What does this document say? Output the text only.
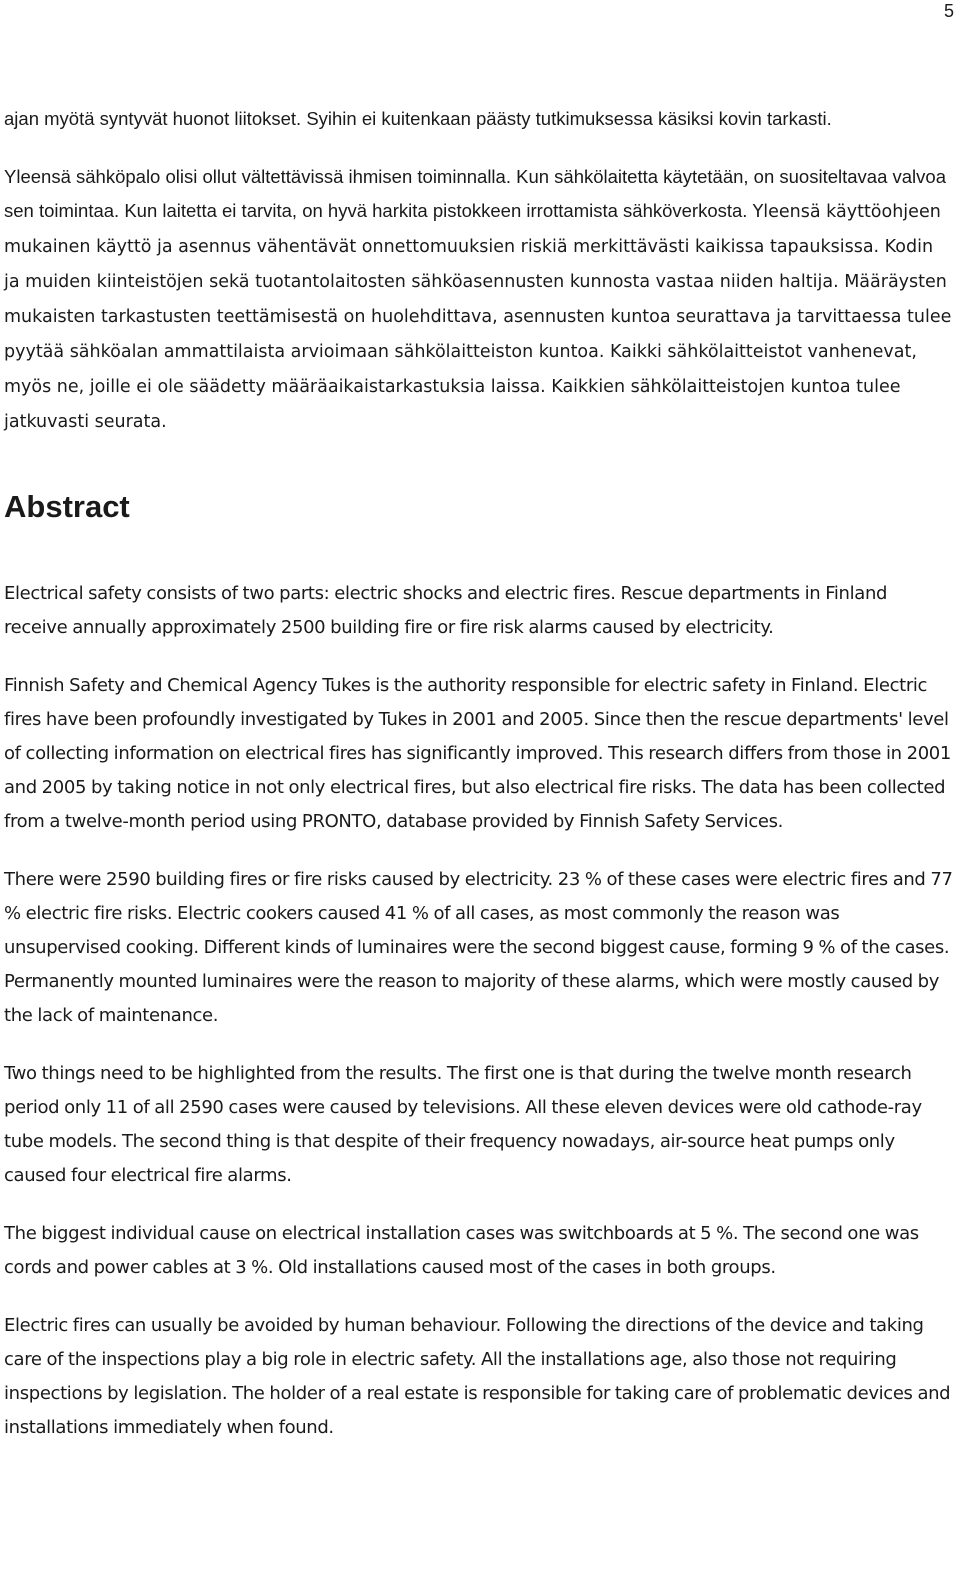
5

ajan myötä syntyvät huonot liitokset. Syihin ei kuitenkaan päästy tutkimuksessa käsiksi kovin tarkasti.

Yleensä sähköpalo olisi ollut vältettävissä ihmisen toiminnalla. Kun sähkölaitetta käytetään, on suositeltavaa valvoa sen toimintaa. Kun laitetta ei tarvita, on hyvä harkita pistokkeen irrottamista sähköverkosta. Yleensä käyttöohjeen mukainen käyttö ja asennus vähentävät onnettomuuksien riskiä merkittävästi kaikissa tapauksissa. Kodin ja muiden kiinteistöjen sekä tuotantolaitosten sähköasennusten kunnosta vastaa niiden haltija. Määräysten mukaisten tarkastusten teettämisestä on huolehdittava, asennusten kuntoa seurattava ja tarvittaessa tulee pyytää sähköalan ammattilaista arvioimaan sähkölaitteiston kuntoa. Kaikki sähkölaitteistot vanhenevat, myös ne, joille ei ole säädetty määräaikaistarkastuksia laissa. Kaikkien sähkölaitteistojen kuntoa tulee jatkuvasti seurata.

Abstract

Electrical safety consists of two parts: electric shocks and electric fires. Rescue departments in Finland receive annually approximately 2500 building fire or fire risk alarms caused by electricity.

Finnish Safety and Chemical Agency Tukes is the authority responsible for electric safety in Finland. Electric fires have been profoundly investigated by Tukes in 2001 and 2005. Since then the rescue departments' level of collecting information on electrical fires has significantly improved. This research differs from those in 2001 and 2005 by taking notice in not only electrical fires, but also electrical fire risks. The data has been collected from a twelve-month period using PRONTO, database provided by Finnish Safety Services.

There were 2590 building fires or fire risks caused by electricity. 23 % of these cases were electric fires and 77 % electric fire risks. Electric cookers caused 41 % of all cases, as most commonly the reason was unsupervised cooking. Different kinds of luminaires were the second biggest cause, forming 9 % of the cases. Permanently mounted luminaires were the reason to majority of these alarms, which were mostly caused by the lack of maintenance.

Two things need to be highlighted from the results. The first one is that during the twelve month research period only 11 of all 2590 cases were caused by televisions. All these eleven devices were old cathode-ray tube models. The second thing is that despite of their frequency nowadays, air-source heat pumps only caused four electrical fire alarms.

The biggest individual cause on electrical installation cases was switchboards at 5 %. The second one was cords and power cables at 3 %. Old installations caused most of the cases in both groups.

Electric fires can usually be avoided by human behaviour. Following the directions of the device and taking care of the inspections play a big role in electric safety. All the installations age, also those not requiring inspections by legislation. The holder of a real estate is responsible for taking care of problematic devices and installations immediately when found.
